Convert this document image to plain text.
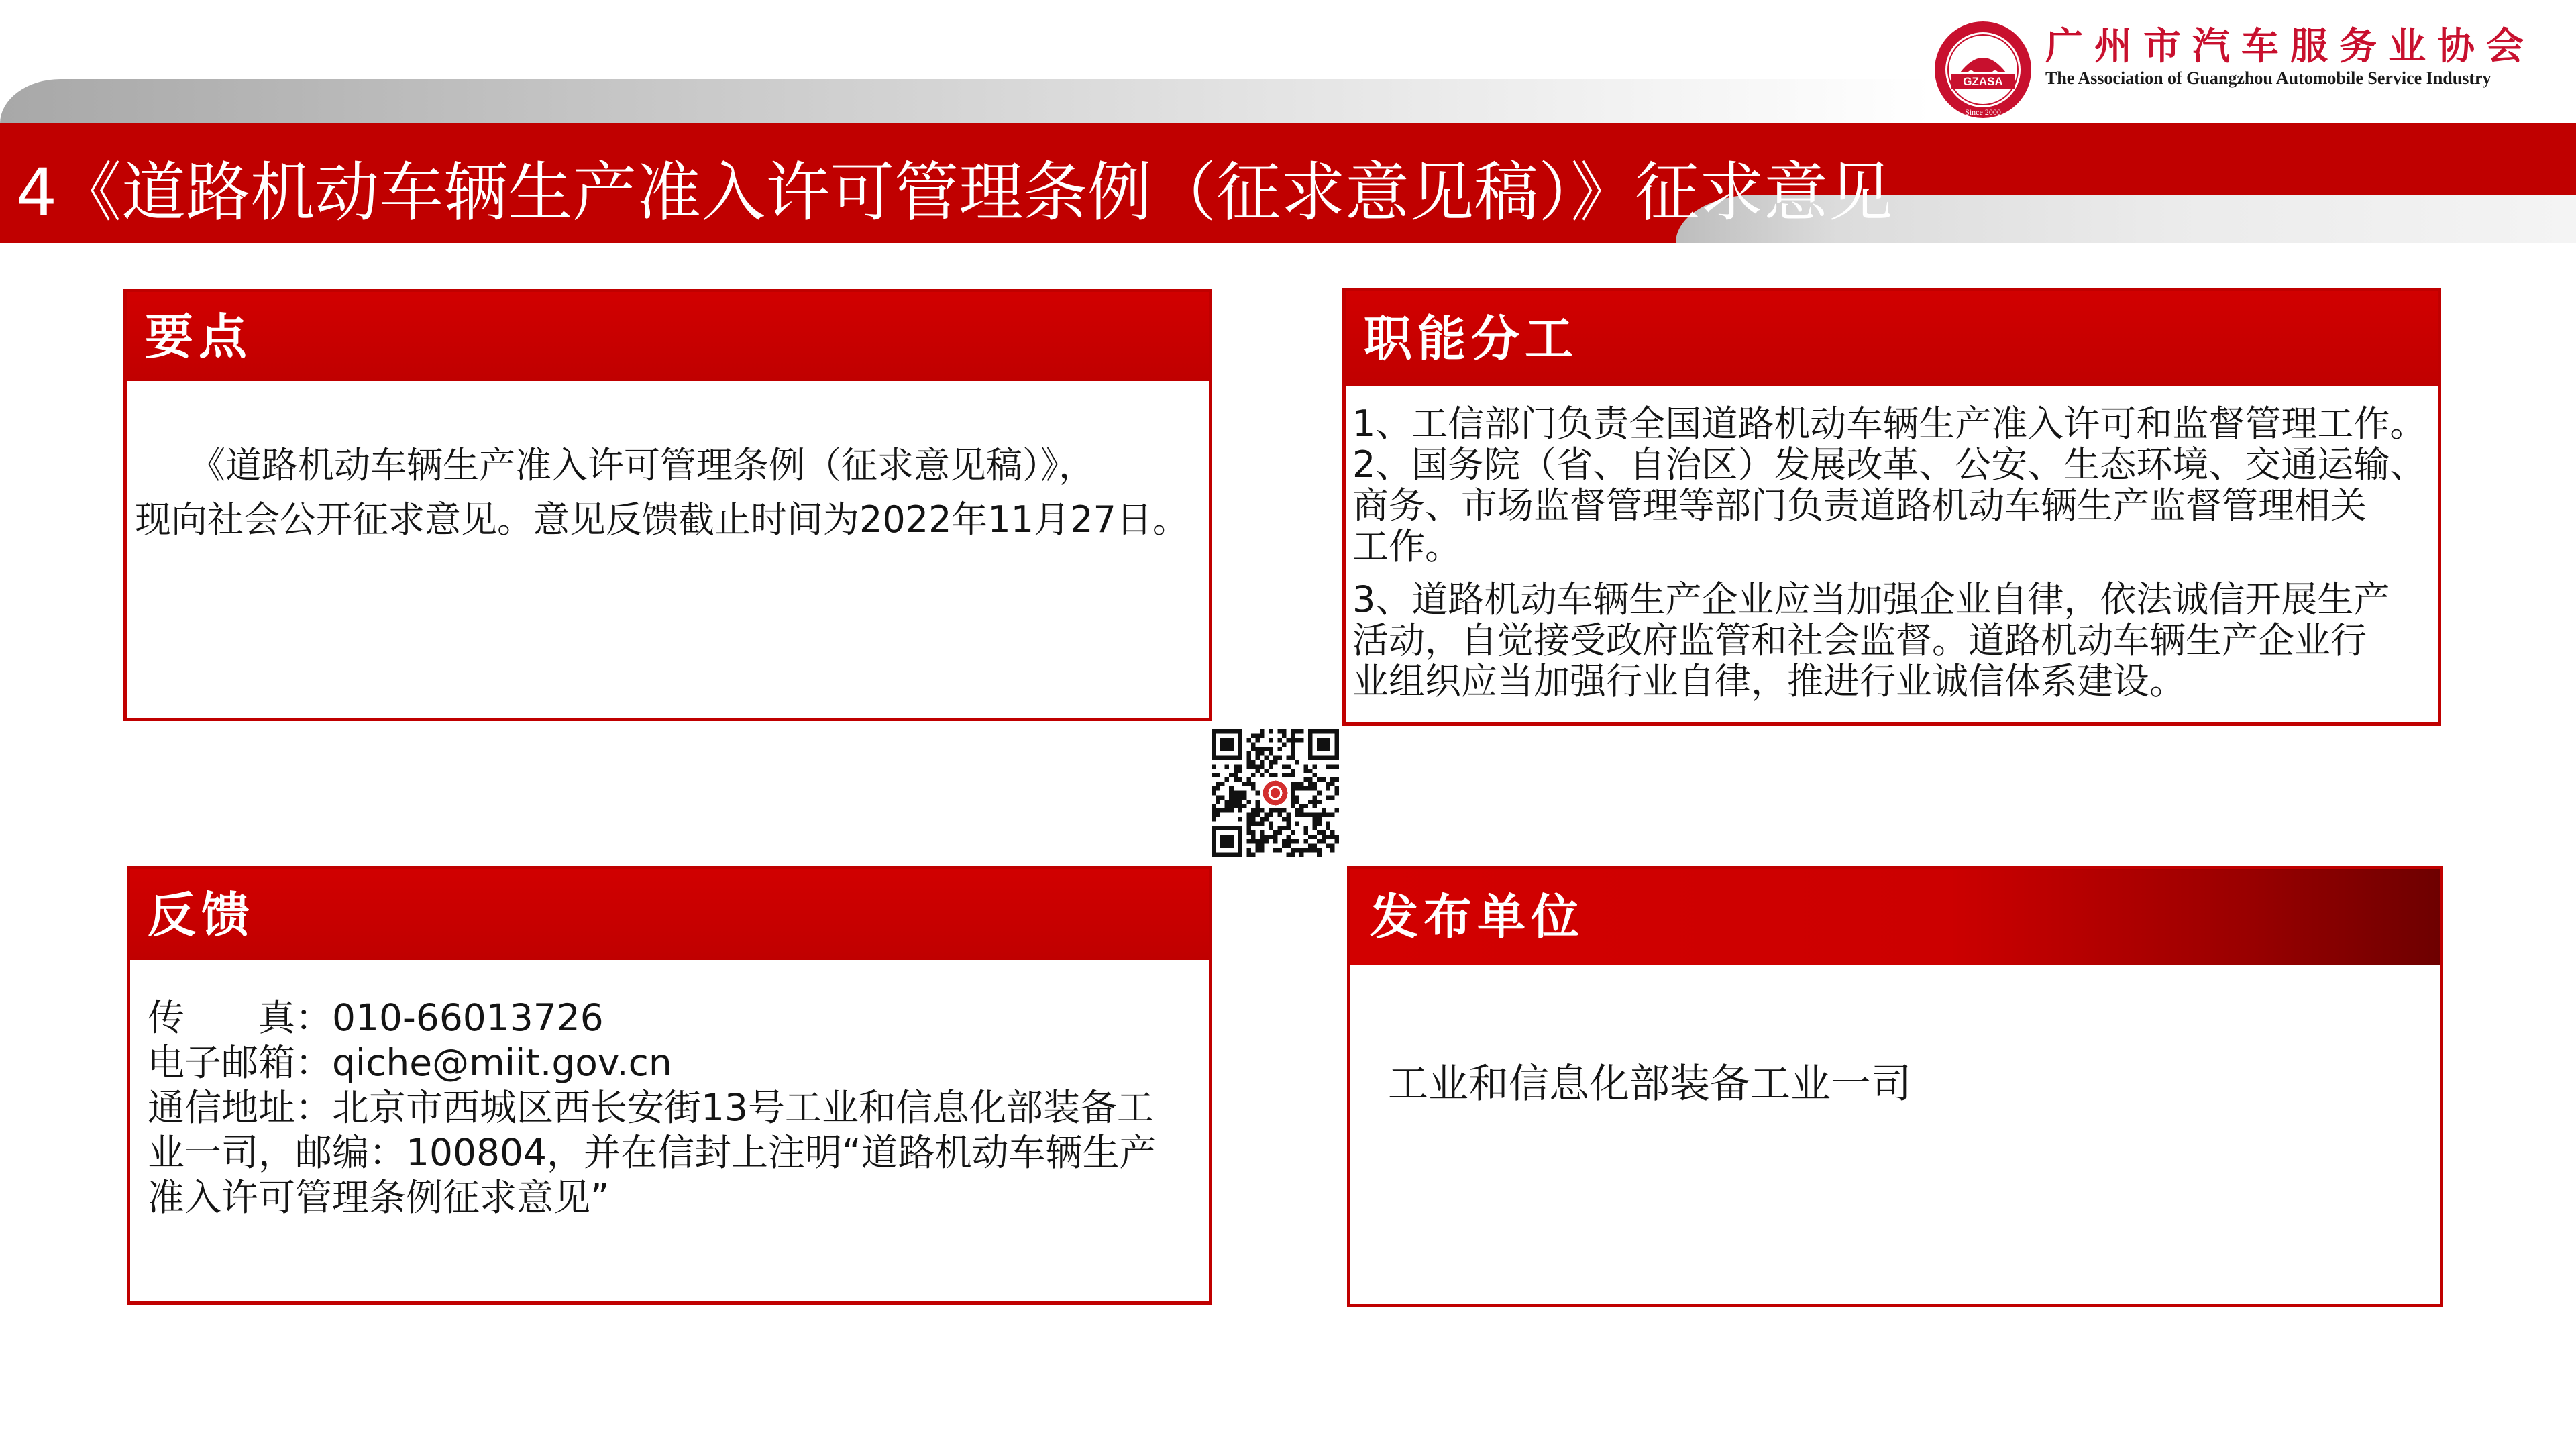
4《道路机动车辆生产准入许可管理条例（征求意见稿）》征求意见
GZASA
Since 2000
广州市汽车服务业协会
The Association of Guangzhou Automobile Service Industry
要点
《道路机动车辆生产准入许可管理条例（征求意见稿）》，
现向社会公开征求意见。意见反馈截止时间为2022年11月27日。
职能分工
1、工信部门负责全国道路机动车辆生产准入许可和监督管理工作。
2、国务院（省、自治区）发展改革、公安、生态环境、交通运输、
商务、市场监督管理等部门负责道路机动车辆生产监督管理相关
工作。
3、道路机动车辆生产企业应当加强企业自律，依法诚信开展生产
活动，自觉接受政府监管和社会监督。道路机动车辆生产企业行
业组织应当加强行业自律，推进行业诚信体系建设。
反馈
传　　真：010-66013726
电子邮箱：qiche@miit.gov.cn
通信地址：北京市西城区西长安街13号工业和信息化部装备工
业一司，邮编：100804，并在信封上注明“道路机动车辆生产
准入许可管理条例征求意见”
发布单位
工业和信息化部装备工业一司
